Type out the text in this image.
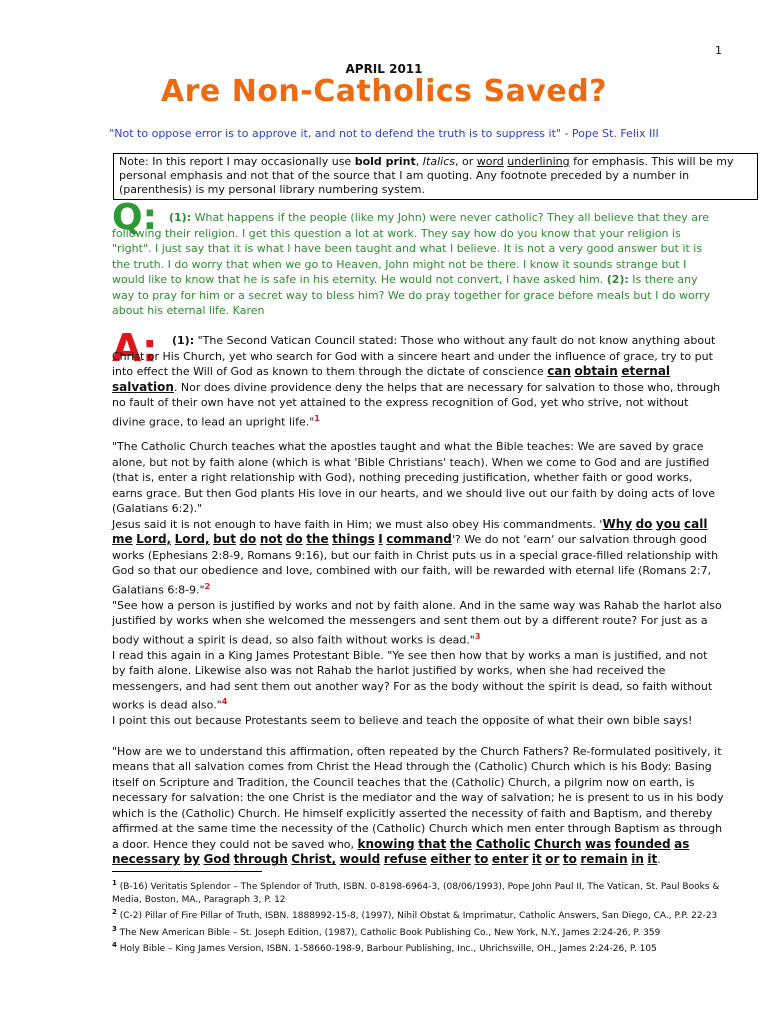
1
APRIL 2011
Are Non-Catholics Saved?
"Not to oppose error is to approve it, and not to defend the truth is to suppress it" - Pope St. Felix III
Note: In this report I may occasionally use bold print, Italics, or word underlining for emphasis. This will be my personal emphasis and not that of the source that I am quoting. Any footnote preceded by a number in (parenthesis) is my personal library numbering system.
Q:	(1): What happens if the people (like my John) were never catholic? They all believe that they are following their religion. I get this question a lot at work. They say how do you know that your religion is "right". I just say that it is what I have been taught and what I believe. It is not a very good answer but it is the truth. I do worry that when we go to Heaven, John might not be there. I know it sounds strange but I would like to know that he is safe in his eternity. He would not convert, I have asked him. (2): Is there any way to pray for him or a secret way to bless him? We do pray together for grace before meals but I do worry about his eternal life. Karen
A:	(1): "The Second Vatican Council stated: Those who without any fault do not know anything about Christ or His Church, yet who search for God with a sincere heart and under the influence of grace, try to put into effect the Will of God as known to them through the dictate of conscience can obtain eternal salvation. Nor does divine providence deny the helps that are necessary for salvation to those who, through no fault of their own have not yet attained to the express recognition of God, yet who strive, not without divine grace, to lead an upright life."$^1$

"The Catholic Church teaches what the apostles taught and what the Bible teaches: We are saved by grace alone, but not by faith alone (which is what 'Bible Christians' teach). When we come to God and are justified (that is, enter a right relationship with God), nothing preceding justification, whether faith or good works, earns grace. But then God plants His love in our hearts, and we should live out our faith by doing acts of love (Galatians 6:2)."

Jesus said it is not enough to have faith in Him; we must also obey His commandments. 'Why do you call me Lord, Lord, but do not do the things I command'? We do not 'earn' our salvation through good works (Ephesians 2:8-9, Romans 9:16), but our faith in Christ puts us in a special grace-filled relationship with God so that our obedience and love, combined with our faith, will be rewarded with eternal life (Romans 2:7, Galatians 6:8-9."$^2$

"See how a person is justified by works and not by faith alone. And in the same way was Rahab the harlot also justified by works when she welcomed the messengers and sent them out by a different route? For just as a body without a spirit is dead, so also faith without works is dead."$^3$

I read this again in a King James Protestant Bible. "Ye see then how that by works a man is justified, and not by faith alone. Likewise also was not Rahab the harlot justified by works, when she had received the messengers, and had sent them out another way? For as the body without the spirit is dead, so faith without works is dead also."$^4$

I point this out because Protestants seem to believe and teach the opposite of what their own bible says!

"How are we to understand this affirmation, often repeated by the Church Fathers? Re-formulated positively, it means that all salvation comes from Christ the Head through the (Catholic) Church which is his Body: Basing itself on Scripture and Tradition, the Council teaches that the (Catholic) Church, a pilgrim now on earth, is necessary for salvation: the one Christ is the mediator and the way of salvation; he is present to us in his body which is the (Catholic) Church. He himself explicitly asserted the necessity of faith and Baptism, and thereby affirmed at the same time the necessity of the (Catholic) Church which men enter through Baptism as through a door. Hence they could not be saved who, knowing that the Catholic Church was founded as necessary by God through Christ, would refuse either to enter it or to remain in it.

$^1$ (B-16) Veritatis Splendor – The Splendor of Truth, ISBN. 0-8198-6964-3, (08/06/1993), Pope John Paul II, The Vatican, St. Paul Books & Media, Boston, MA., Paragraph 3, P. 12
$^2$ (C-2) Pillar of Fire Pillar of Truth, ISBN. 1888992-15-8, (1997), Nihil Obstat & Imprimatur, Catholic Answers, San Diego, CA., P.P. 22-23
$^3$ The New American Bible – St. Joseph Edition, (1987), Catholic Book Publishing Co., New York, N.Y., James 2:24-26, P. 359
$^4$ Holy Bible – King James Version, ISBN. 1-58660-198-9, Barbour Publishing, Inc., Uhrichsville, OH., James 2:24-26, P. 105
